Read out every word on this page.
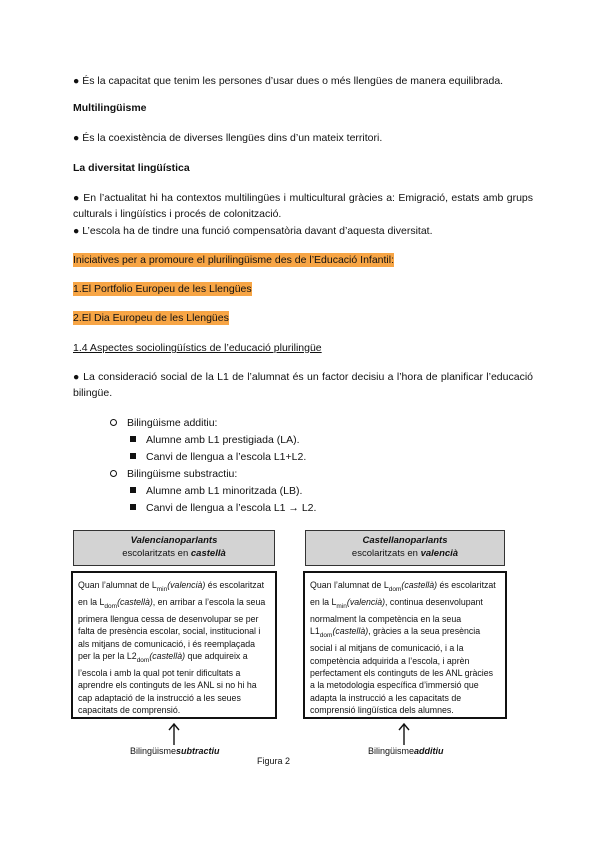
● És la capacitat que tenim les persones d’usar dues o més llengües de manera equilibrada.

Multilingüisme

● És la coexistència de diverses llengües dins d’un mateix territori.

La diversitat lingüística

● En l’actualitat hi ha contextos multilingües i multicultural gràcies a: Emigració, estats amb grups culturals i lingüístics i procés de colonització.

● L’escola ha de tindre una funció compensatòria davant d’aquesta diversitat.

Iniciatives per a promoure el plurilingüisme des de l’Educació Infantil:

1.El Portfolio Europeu de les Llengües

2.El Dia Europeu de les Llengües

1.4 Aspectes sociolingüístics de l’educació plurilingüe

● La consideració social de la L1 de l’alumnat és un factor decisiu a l’hora de planificar l’educació bilingüe.

Bilingüisme additiu:
Alumne amb L1 prestigiada (LA).
Canvi de llengua a l’escola L1+L2.
Bilingüisme substractiu:
Alumne amb L1 minoritzada (LB).
Canvi de llengua a l’escola L1 → L2.
Valencianoparlants
escolaritzats en castellà
Castellanoparlants
escolaritzats en valencià
Quan l’alumnat de $L_{min}(valencià)$ és escolaritzat en la $L_{dom}(castellà)$, en arribar a l’escola la seua primera llengua cessa de desenvolupar se per falta de presència escolar, social, institucional i als mitjans de comunicació, i és reemplaçada per la per la $L2_{dom}(castellà)$ que adquireix a l’escola i amb la qual pot tenir dificultats a aprendre els continguts de les ANL si no hi ha cap adaptació de la instrucció a les seues capacitats de comprensió.
Quan l’alumnat de $L_{dom}(castellà)$ és escolaritzat en la $L_{min}(valencià)$, continua desenvolupant normalment la competència en la seua $L1_{dom}(castellà)$, gràcies a la seua presència social i al mitjans de comunicació, i a la competència adquirida a l’escola, i aprèn perfectament els continguts de les ANL gràcies a la metodologia específica d’immersió que adapta la instrucció a les capacitats de comprensió lingüística dels alumnes.
Bilingüismesubtractiu	Bilingüismeadditiu
Figura 2
